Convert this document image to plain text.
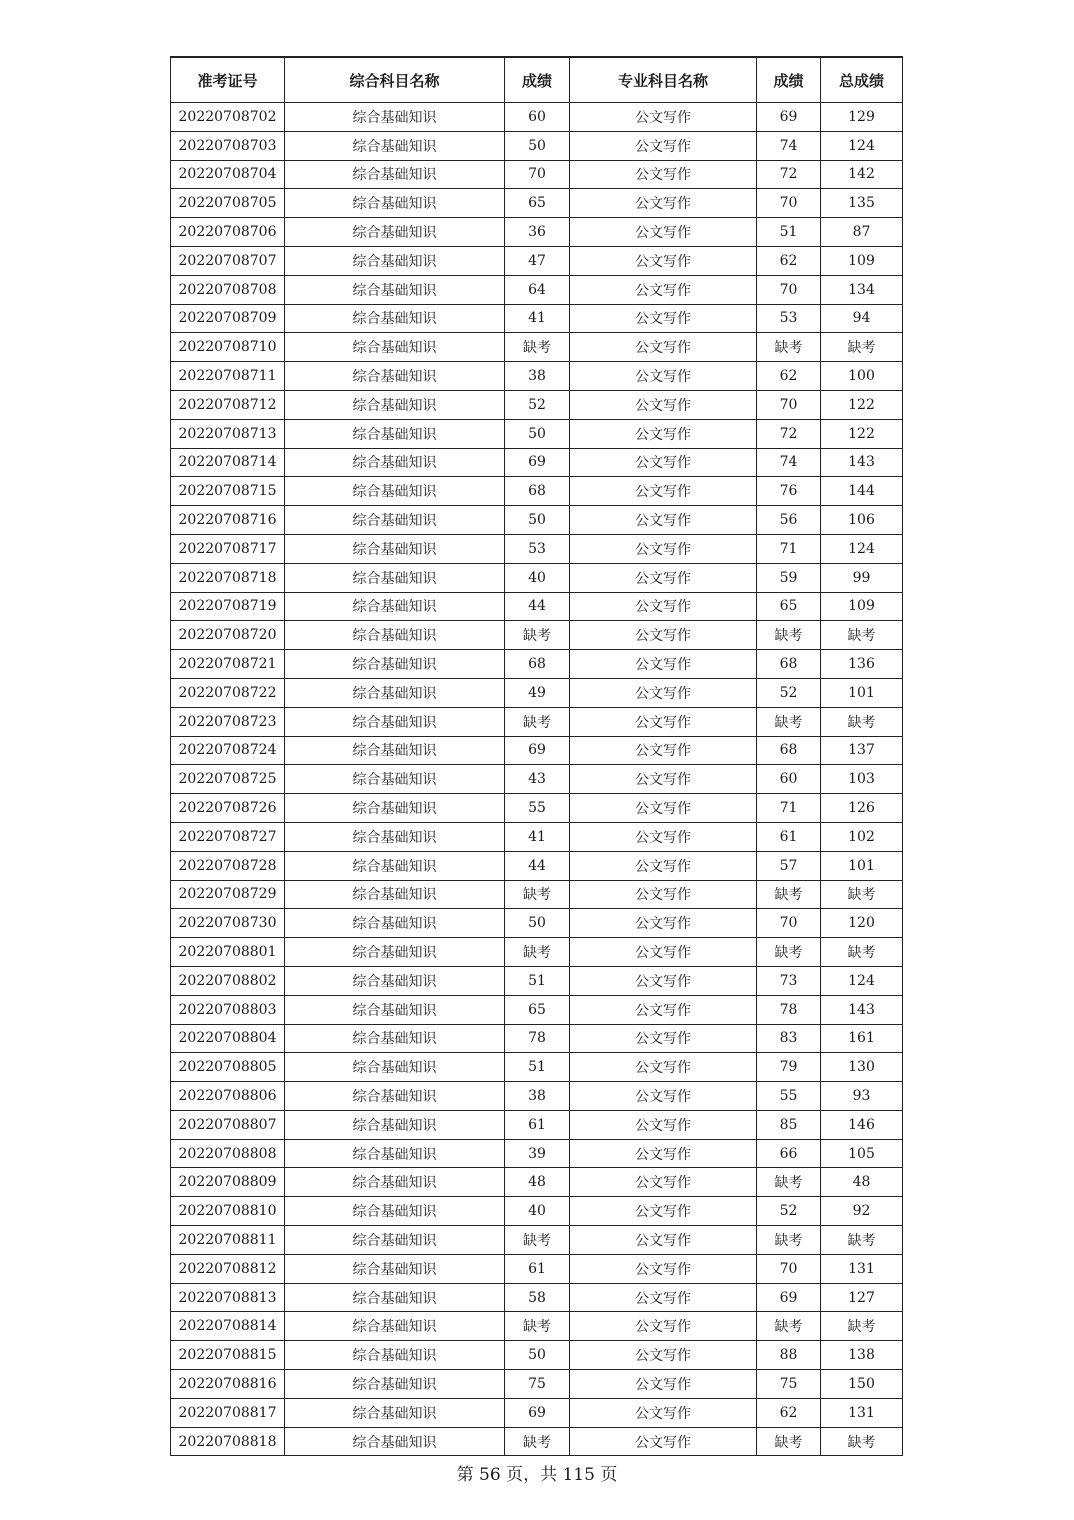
准考证号	综合科目名称	成绩	专业科目名称	成绩	总成绩
20220708702	综合基础知识	60	公文写作	69	129
20220708703	综合基础知识	50	公文写作	74	124
20220708704	综合基础知识	70	公文写作	72	142
20220708705	综合基础知识	65	公文写作	70	135
20220708706	综合基础知识	36	公文写作	51	87
20220708707	综合基础知识	47	公文写作	62	109
20220708708	综合基础知识	64	公文写作	70	134
20220708709	综合基础知识	41	公文写作	53	94
20220708710	综合基础知识	缺考	公文写作	缺考	缺考
20220708711	综合基础知识	38	公文写作	62	100
20220708712	综合基础知识	52	公文写作	70	122
20220708713	综合基础知识	50	公文写作	72	122
20220708714	综合基础知识	69	公文写作	74	143
20220708715	综合基础知识	68	公文写作	76	144
20220708716	综合基础知识	50	公文写作	56	106
20220708717	综合基础知识	53	公文写作	71	124
20220708718	综合基础知识	40	公文写作	59	99
20220708719	综合基础知识	44	公文写作	65	109
20220708720	综合基础知识	缺考	公文写作	缺考	缺考
20220708721	综合基础知识	68	公文写作	68	136
20220708722	综合基础知识	49	公文写作	52	101
20220708723	综合基础知识	缺考	公文写作	缺考	缺考
20220708724	综合基础知识	69	公文写作	68	137
20220708725	综合基础知识	43	公文写作	60	103
20220708726	综合基础知识	55	公文写作	71	126
20220708727	综合基础知识	41	公文写作	61	102
20220708728	综合基础知识	44	公文写作	57	101
20220708729	综合基础知识	缺考	公文写作	缺考	缺考
20220708730	综合基础知识	50	公文写作	70	120
20220708801	综合基础知识	缺考	公文写作	缺考	缺考
20220708802	综合基础知识	51	公文写作	73	124
20220708803	综合基础知识	65	公文写作	78	143
20220708804	综合基础知识	78	公文写作	83	161
20220708805	综合基础知识	51	公文写作	79	130
20220708806	综合基础知识	38	公文写作	55	93
20220708807	综合基础知识	61	公文写作	85	146
20220708808	综合基础知识	39	公文写作	66	105
20220708809	综合基础知识	48	公文写作	缺考	48
20220708810	综合基础知识	40	公文写作	52	92
20220708811	综合基础知识	缺考	公文写作	缺考	缺考
20220708812	综合基础知识	61	公文写作	70	131
20220708813	综合基础知识	58	公文写作	69	127
20220708814	综合基础知识	缺考	公文写作	缺考	缺考
20220708815	综合基础知识	50	公文写作	88	138
20220708816	综合基础知识	75	公文写作	75	150
20220708817	综合基础知识	69	公文写作	62	131
20220708818	综合基础知识	缺考	公文写作	缺考	缺考
第 56 页，共 115 页
